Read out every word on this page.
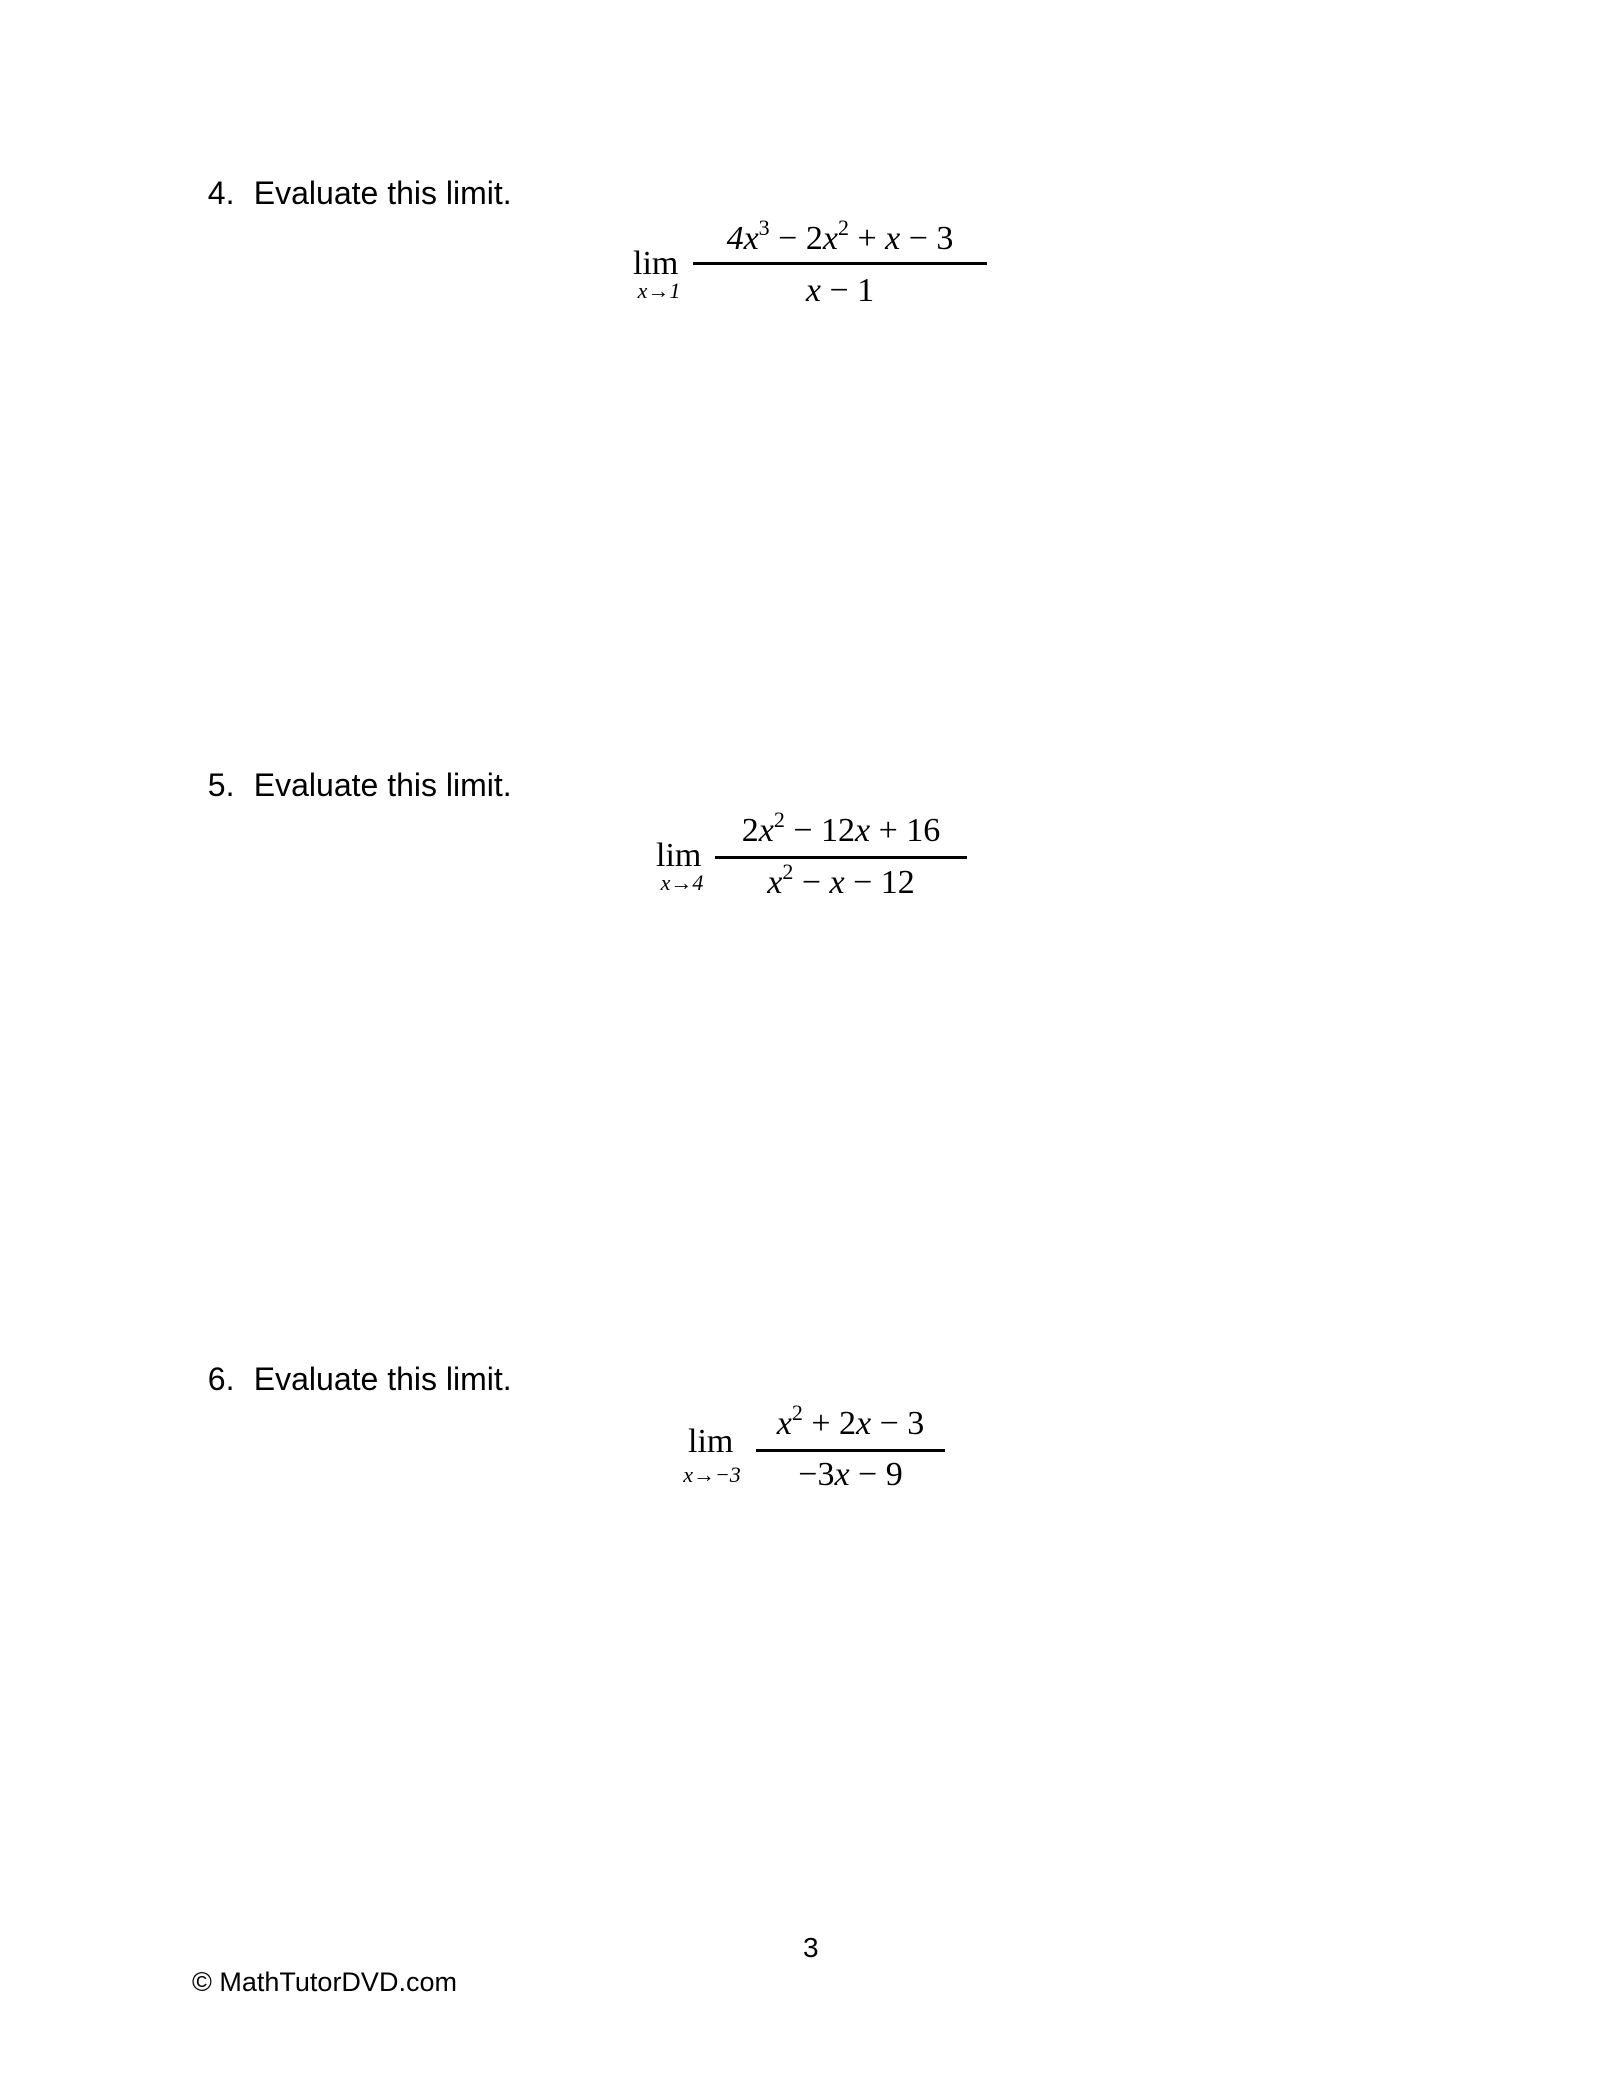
4. Evaluate this limit.

lim
x→1
$4x^3 - 2x^2 + x - 3$
x − 1

5. Evaluate this limit.

lim
x→4
$2x^2 - 12x + 16$
$x^2 - x - 12$

6. Evaluate this limit.

lim
x→−3
$x^2 + 2x - 3$
−3x − 9
3
© MathTutorDVD.com
